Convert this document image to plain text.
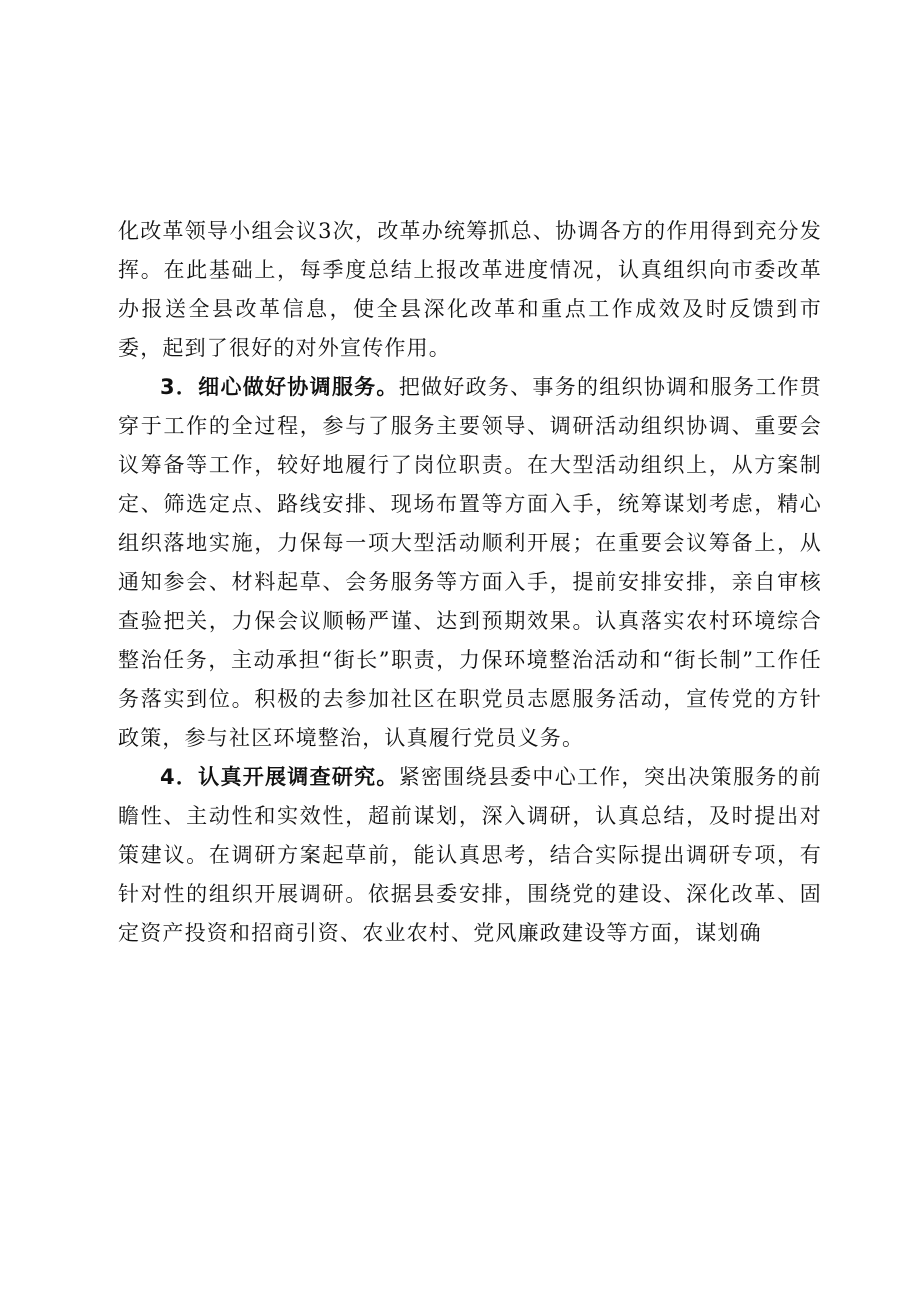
化改革领导小组会议3次，改革办统筹抓总、协调各方的作用得到充分发挥。在此基础上，每季度总结上报改革进度情况，认真组织向市委改革办报送全县改革信息，使全县深化改革和重点工作成效及时反馈到市委，起到了很好的对外宣传作用。

3．细心做好协调服务。把做好政务、事务的组织协调和服务工作贯穿于工作的全过程，参与了服务主要领导、调研活动组织协调、重要会议筹备等工作，较好地履行了岗位职责。在大型活动组织上，从方案制定、筛选定点、路线安排、现场布置等方面入手，统筹谋划考虑，精心组织落地实施，力保每一项大型活动顺利开展；在重要会议筹备上，从通知参会、材料起草、会务服务等方面入手，提前安排安排，亲自审核查验把关，力保会议顺畅严谨、达到预期效果。认真落实农村环境综合整治任务，主动承担“街长”职责，力保环境整治活动和“街长制”工作任务落实到位。积极的去参加社区在职党员志愿服务活动，宣传党的方针政策，参与社区环境整治，认真履行党员义务。

4．认真开展调查研究。紧密围绕县委中心工作，突出决策服务的前瞻性、主动性和实效性，超前谋划，深入调研，认真总结，及时提出对策建议。在调研方案起草前，能认真思考，结合实际提出调研专项，有针对性的组织开展调研。依据县委安排，围绕党的建设、深化改革、固定资产投资和招商引资、农业农村、党风廉政建设等方面，谋划确
